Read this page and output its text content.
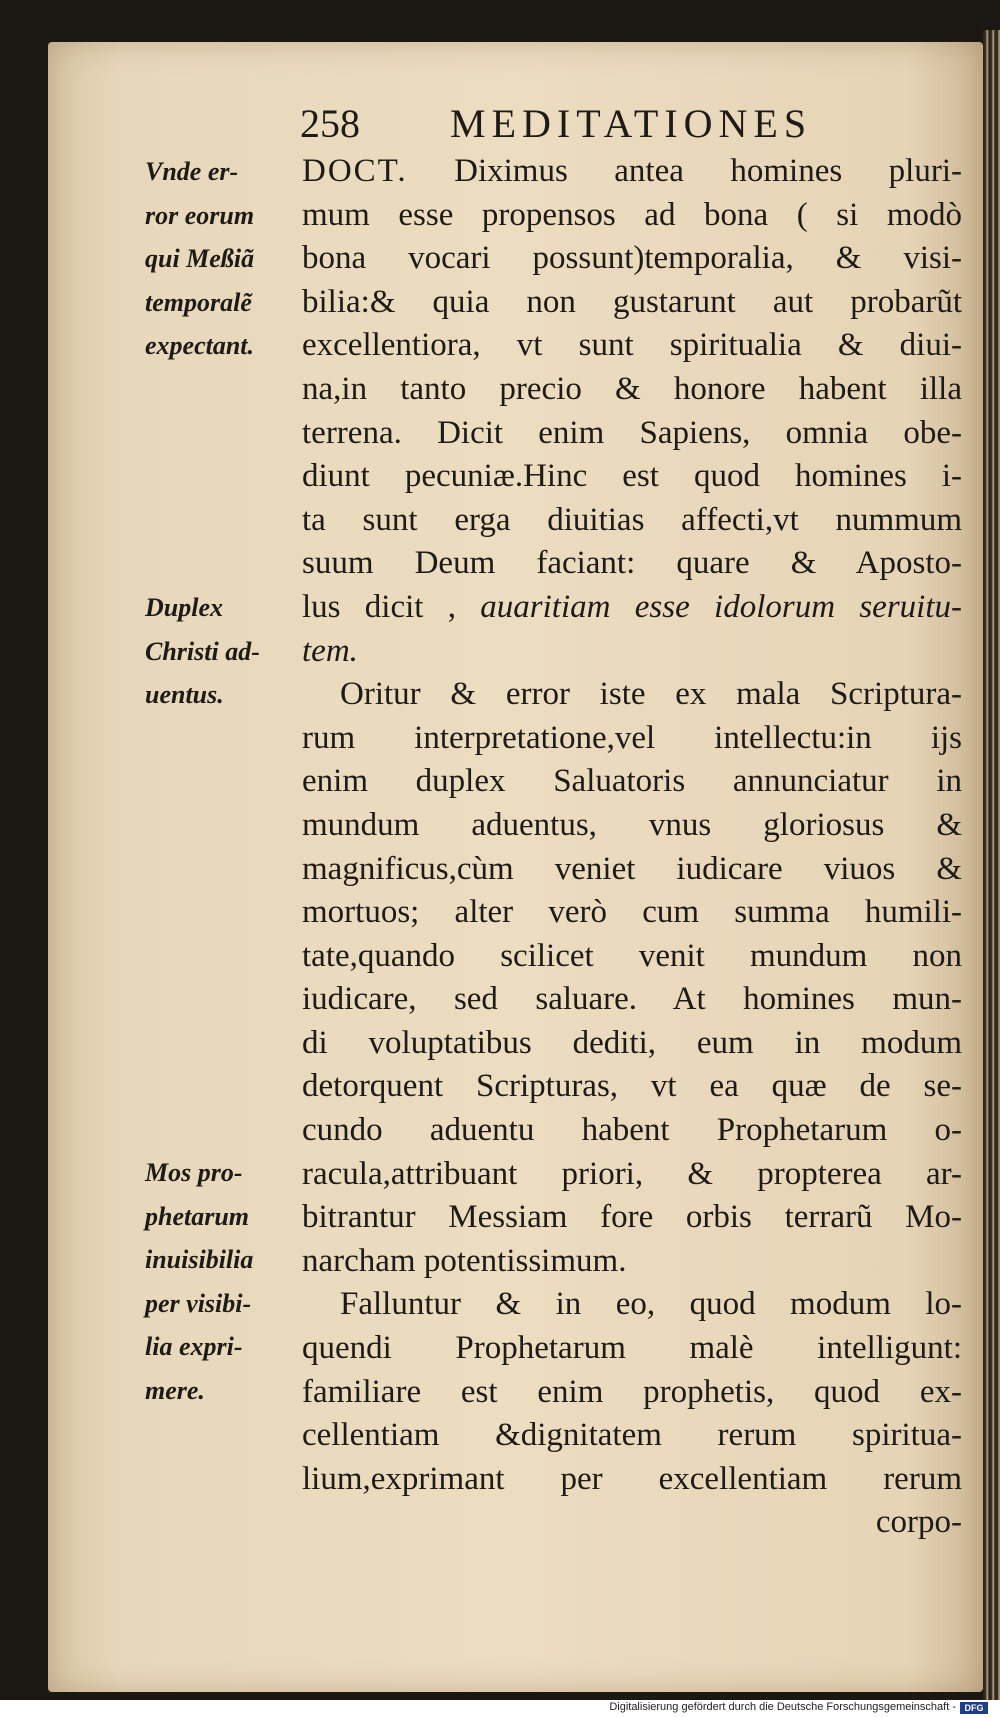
258 MEDITATIONES
DOCT. Diximus antea homines pluri-
mum esse propensos ad bona ( si modò
bona vocari possunt)temporalia, & visi-
bilia:& quia non gustarunt aut probarũt
excellentiora, vt sunt spiritualia & diui-
na,in tanto precio & honore habent illa
terrena. Dicit enim Sapiens, omnia obe-
diunt pecuniæ.Hinc est quod homines i-
ta sunt erga diuitias affecti,vt nummum
suum Deum faciant: quare & Aposto-
lus dicit , auaritiam esse idolorum seruitu-
tem.
Oritur & error iste ex mala Scriptura-
rum interpretatione,vel intellectu:in ijs
enim duplex Saluatoris annunciatur in
mundum aduentus, vnus gloriosus &
magnificus,cùm veniet iudicare viuos &
mortuos; alter verò cum summa humili-
tate,quando scilicet venit mundum non
iudicare, sed saluare. At homines mun-
di voluptatibus dediti, eum in modum
detorquent Scripturas, vt ea quæ de se-
cundo aduentu habent Prophetarum o-
racula,attribuant priori, & propterea ar-
bitrantur Messiam fore orbis terrarũ Mo-
narcham potentissimum.
Falluntur & in eo, quod modum lo-
quendi Prophetarum malè intelligunt:
familiare est enim prophetis, quod ex-
cellentiam &dignitatem rerum spiritua-
lium,exprimant per excellentiam rerum
corpo-
Vnde er-
ror eorum
qui Meßiã
temporalẽ
expectant.
Duplex
Christi ad-
uentus.
Mos pro-
phetarum
inuisibilia
per visibi-
lia expri-
mere.
Digitalisierung gefördert durch die Deutsche Forschungsgemeinschaft - DFG
